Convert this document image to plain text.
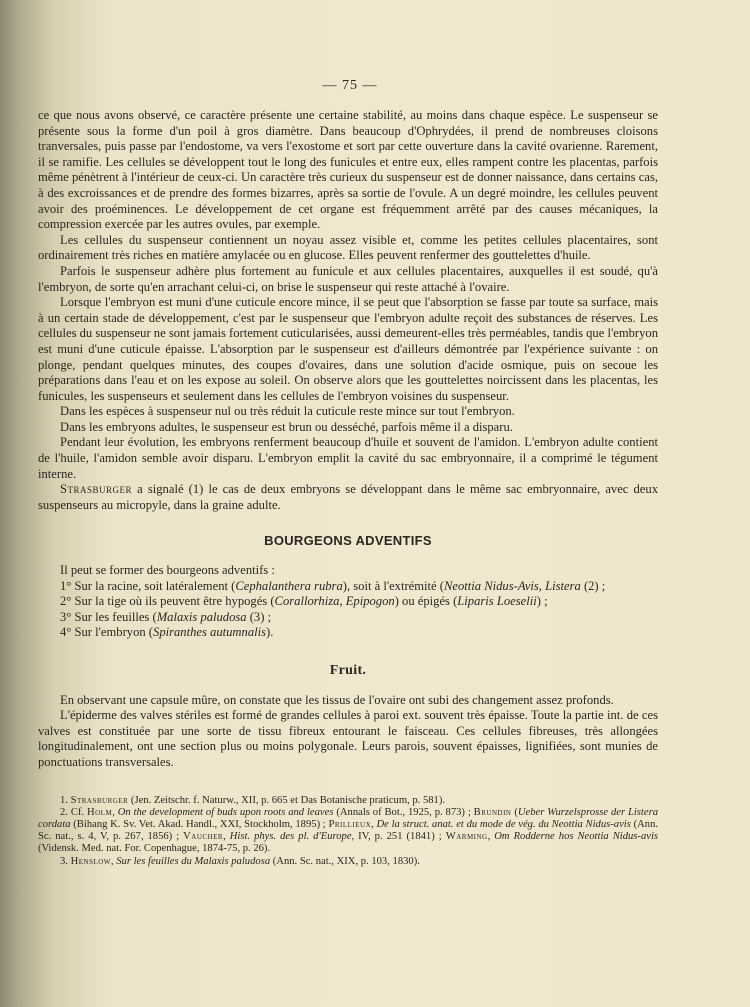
— 75 —

ce que nous avons observé, ce caractère présente une certaine stabilité, au moins dans chaque espèce. Le suspenseur se présente sous la forme d'un poil à gros diamètre. Dans beaucoup d'Ophrydées, il prend de nombreuses cloisons tranversales, puis passe par l'endostome, va vers l'exostome et sort par cette ouverture dans la cavité ovarienne. Rarement, il se ramifie. Les cellules se développent tout le long des funicules et entre eux, elles rampent contre les placentas, parfois même pénètrent à l'intérieur de ceux-ci. Un caractère très curieux du suspenseur est de donner naissance, dans certains cas, à des excroissances et de prendre des formes bizarres, après sa sortie de l'ovule. A un degré moindre, les cellules peuvent avoir des proéminences. Le développement de cet organe est fréquemment arrêté par des causes mécaniques, la compression exercée par les autres ovules, par exemple.

Les cellules du suspenseur contiennent un noyau assez visible et, comme les petites cellules placentaires, sont ordinairement très riches en matière amylacée ou en glucose. Elles peuvent renfermer des gouttelettes d'huile.

Parfois le suspenseur adhère plus fortement au funicule et aux cellules placentaires, auxquelles il est soudé, qu'à l'embryon, de sorte qu'en arrachant celui-ci, on brise le suspenseur qui reste attaché à l'ovaire.

Lorsque l'embryon est muni d'une cuticule encore mince, il se peut que l'absorption se fasse par toute sa surface, mais à un certain stade de développement, c'est par le suspenseur que l'embryon adulte reçoit des substances de réserves. Les cellules du suspenseur ne sont jamais fortement cuticularisées, aussi demeurent-elles très perméables, tandis que l'embryon est muni d'une cuticule épaisse. L'absorption par le suspenseur est d'ailleurs démontrée par l'expérience suivante : on plonge, pendant quelques minutes, des coupes d'ovaires, dans une solution d'acide osmique, puis on secoue les préparations dans l'eau et on les expose au soleil. On observe alors que les gouttelettes noircissent dans les placentas, les funicules, les suspenseurs et seulement dans les cellules de l'embryon voisines du suspenseur.

Dans les espèces à suspenseur nul ou très réduit la cuticule reste mince sur tout l'embryon.

Dans les embryons adultes, le suspenseur est brun ou desséché, parfois même il a disparu.

Pendant leur évolution, les embryons renferment beaucoup d'huile et souvent de l'amidon. L'embryon adulte contient de l'huile, l'amidon semble avoir disparu. L'embryon emplit la cavité du sac embryonnaire, il a comprimé le tégument interne.

Strasburger a signalé (1) le cas de deux embryons se développant dans le même sac embryonnaire, avec deux suspenseurs au micropyle, dans la graine adulte.

BOURGEONS ADVENTIFS

Il peut se former des bourgeons adventifs :

1° Sur la racine, soit latéralement (Cephalanthera rubra), soit à l'extrémité (Neottia Nidus-Avis, Listera (2) ;

2° Sur la tige où ils peuvent être hypogés (Corallorhiza, Epipogon) ou épigés (Liparis Loeselii) ;

3° Sur les feuilles (Malaxis paludosa (3) ;

4° Sur l'embryon (Spiranthes autumnalis).

Fruit.

En observant une capsule mûre, on constate que les tissus de l'ovaire ont subi des changement assez profonds.

L'épiderme des valves stériles est formé de grandes cellules à paroi ext. souvent très épaisse. Toute la partie int. de ces valves est constituée par une sorte de tissu fibreux entourant le faisceau. Ces cellules fibreuses, très allongées longitudinalement, ont une section plus ou moins polygonale. Leurs parois, souvent épaisses, lignifiées, sont munies de ponctuations transversales.

1. Strasburger (Jen. Zeitschr. f. Naturw., XII, p. 665 et Das Botanische praticum, p. 581).

2. Cf. Holm, On the development of buds upon roots and leaves (Annals of Bot., 1925, p. 873) ; Brundin (Ueber Wurzelsprosse der Listera cordata (Bihang K. Sv. Vet. Akad. Handl., XXI, Stockholm, 1895) ; Prillieux, De la struct. anat. et du mode de vég. du Neottia Nidus-avis (Ann. Sc. nat., s. 4, V, p. 267, 1856) ; Vaucher, Hist. phys. des pl. d'Europe, IV, p. 251 (1841) ; Warming, Om Rodderne hos Neottia Nidus-avis (Vidensk. Med. nat. For. Copenhague, 1874-75, p. 26).

3. Henslow, Sur les feuilles du Malaxis paludosa (Ann. Sc. nat., XIX, p. 103, 1830).
